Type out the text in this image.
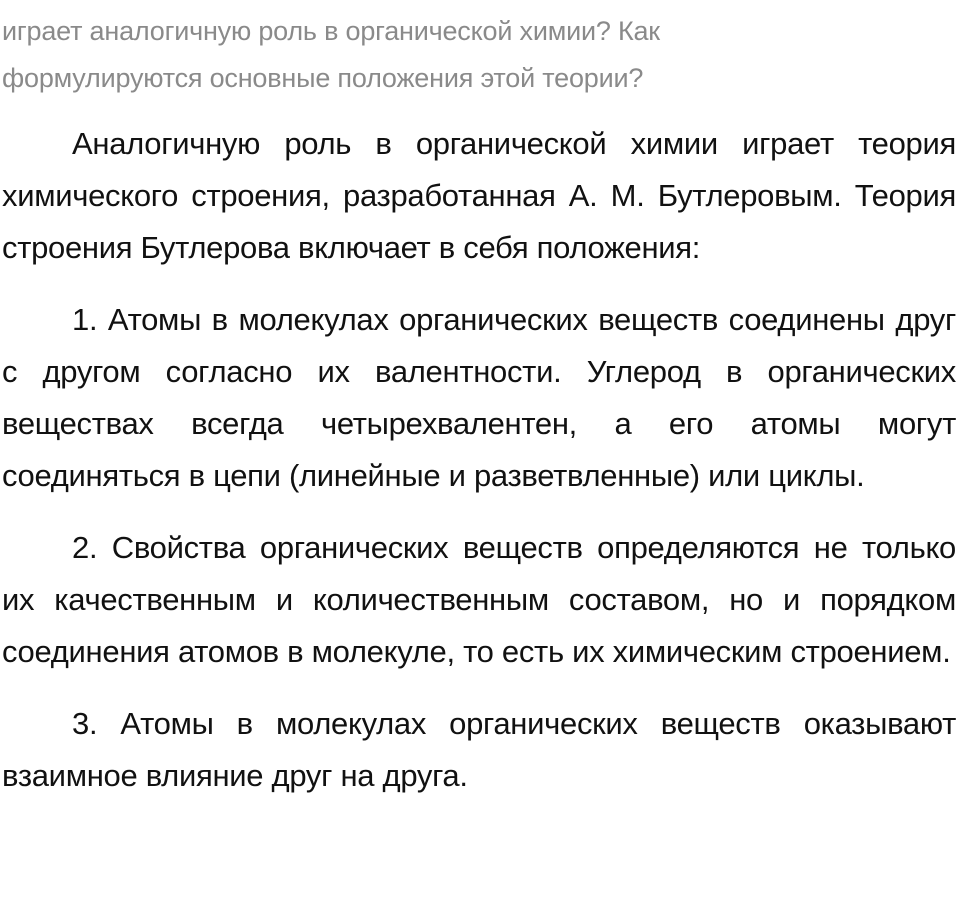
играет аналогичную роль в органической химии? Как формулируются основные положения этой теории?

Аналогичную роль в органической химии играет теория химического строения, разработанная А. М. Бутлеровым. Теория строения Бутлерова включает в себя положения:

1. Атомы в молекулах органических веществ соединены друг с другом согласно их валентности. Углерод в органических веществах всегда четырехвалентен, а его атомы могут соединяться в цепи (линейные и разветвленные) или циклы.

2. Свойства органических веществ определяются не только их качественным и количественным составом, но и порядком соединения атомов в молекуле, то есть их химическим строением.

3. Атомы в молекулах органических веществ оказывают взаимное влияние друг на друга.
